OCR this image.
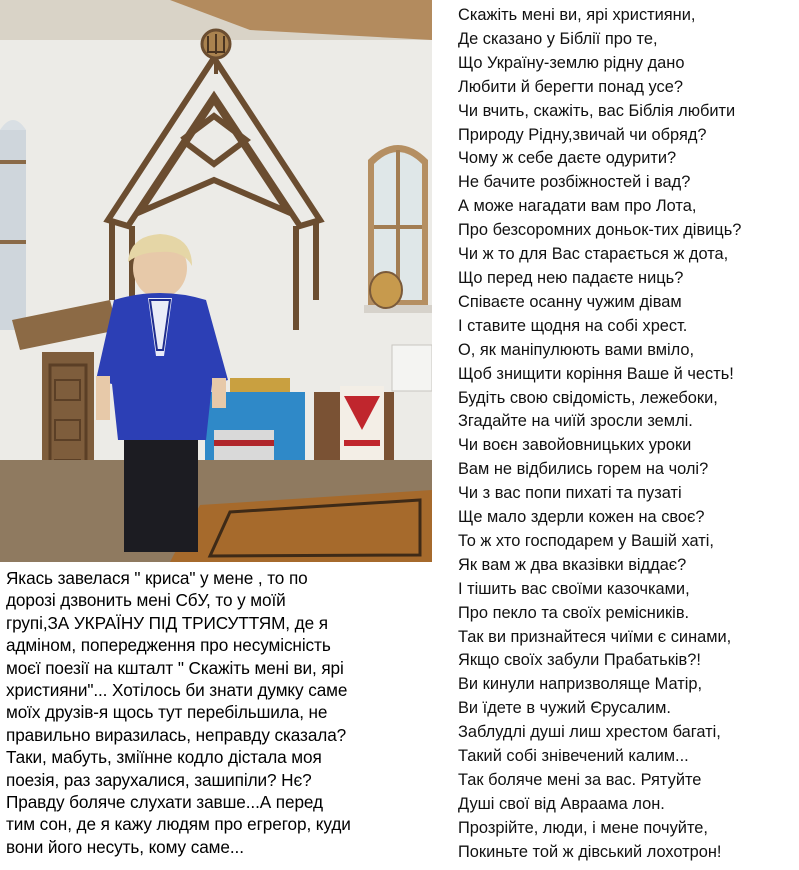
Якась завелася " криса" у мене , то по
дорозі дзвонить мені СбУ, то у моїй
групі,ЗА УКРАЇНУ ПІД ТРИСУТТЯМ, де я
адміном, попередження про несумісність
моєї поезії на кшталт " Скажіть мені ви, ярі
християни"... Хотілось би знати думку саме
моїх друзів-я щось тут перебільшила, не
правильно виразилась, неправду сказала?
Таки, мабуть, зміїнне кодло дістала моя
поезія, раз зарухалися, зашипіли? Нє?
Правду боляче слухати завше...А перед
тим сон, де я кажу людям про егрегор, куди
вони його несуть, кому саме...
Скажіть мені ви, ярі християни,
Де сказано у Біблії про те,
Що Україну-землю рідну дано
Любити й берегти понад усе?
Чи вчить, скажіть, вас Біблія любити
Природу Рідну,звичай чи обряд?
Чому ж себе даєте одурити?
Не бачите розбіжностей і вад?
А може нагадати вам про Лота,
Про безсоромних доньок-тих дівиць?
Чи ж то для Вас старається ж дота,
Що перед нею падаєте ниць?
Співаєте осанну чужим дівам
І ставите щодня на собі хрест.
О, як маніпулюють вами вміло,
Щоб знищити коріння Ваше й честь!
Будіть свою свідомість, лежебоки,
Згадайте на чиїй зросли землі.
Чи воєн завойовницьких уроки
Вам не відбились горем на чолі?
Чи з вас попи пихаті та пузаті
Ще мало здерли кожен на своє?
То ж хто господарем у Вашій хаті,
Як вам ж два вказівки віддає?
І тішить вас своїми казочками,
Про пекло та своїх ремісників.
Так ви признайтеся чиїми є синами,
Якщо своїх забули Прабатьків?!
Ви кинули напризволяще Матір,
Ви їдете в чужий Єрусалим.
Заблудлі душі лиш хрестом багаті,
Такий собі знівечений калим...
Так боляче мені за вас. Рятуйте
Душі свої від Авраама лон.
Прозрійте, люди, і мене почуйте,
Покиньте той ж дівський лохотрон!
